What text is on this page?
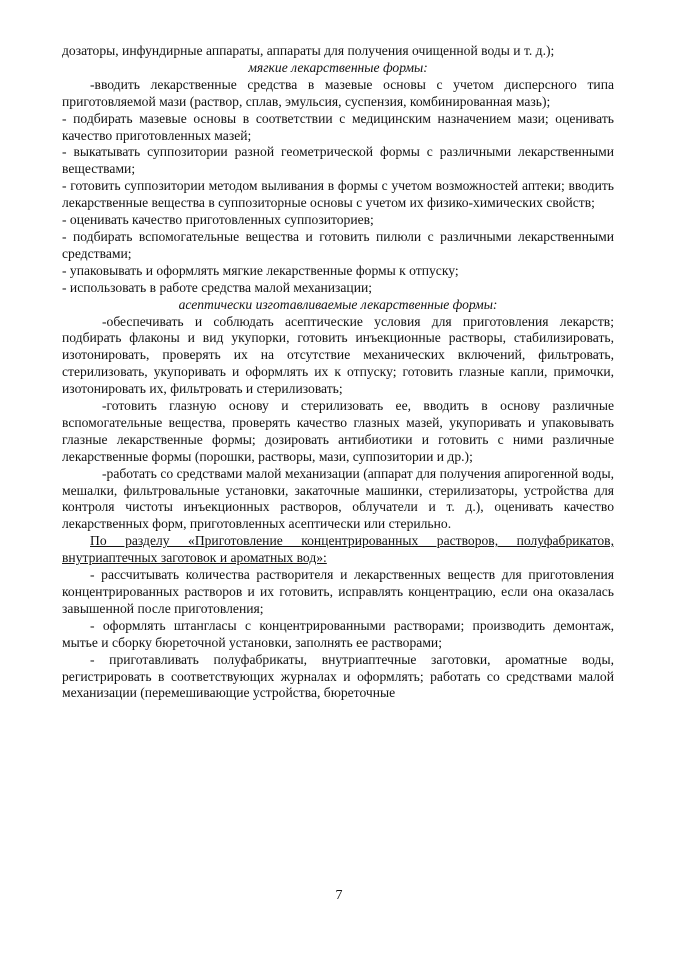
дозаторы, инфундирные аппараты, аппараты для получения очищенной воды и т. д.);

мягкие лекарственные формы:

-вводить лекарственные средства в мазевые основы с учетом дисперсного типа приготовляемой мази (раствор, сплав, эмульсия, суспензия, комбинированная мазь);

- подбирать мазевые основы в соответствии с медицинским назначением мази; оценивать качество приготовленных мазей;

- выкатывать суппозитории разной геометрической формы с различными лекарственными веществами;

- готовить суппозитории методом выливания в формы с учетом возможностей аптеки; вводить лекарственные вещества в суппозиторные основы с учетом их физико-химических свойств;

- оценивать качество приготовленных суппозиториев;

- подбирать вспомогательные вещества и готовить пилюли с различными лекарственными средствами;

- упаковывать и оформлять мягкие лекарственные формы к отпуску;

- использовать в работе средства малой механизации;

асептически изготавливаемые лекарственные формы:

-обеспечивать и соблюдать асептические условия для приготовления лекарств; подбирать флаконы и вид укупорки, готовить инъекционные растворы, стабилизировать, изотонировать, проверять их на отсутствие механических включений, фильтровать, стерилизовать, укупоривать и оформлять их к отпуску; готовить глазные капли, примочки, изотонировать их, фильтровать и стерилизовать;

-готовить глазную основу и стерилизовать ее, вводить в основу различные вспомогательные вещества, проверять качество глазных мазей, укупоривать и упаковывать глазные лекарственные формы; дозировать антибиотики и готовить с ними различные лекарственные формы (порошки, растворы, мази, суппозитории и др.);

-работать со средствами малой механизации (аппарат для получения апирогенной воды, мешалки, фильтровальные установки, закаточные машинки, стерилизаторы, устройства для контроля чистоты инъекционных растворов, облучатели и т. д.), оценивать качество лекарственных форм, приготовленных асептически или стерильно.

По разделу «Приготовление концентрированных растворов, полуфабрикатов, внутриаптечных заготовок и ароматных вод»:

- рассчитывать количества растворителя и лекарственных веществ для приготовления концентрированных растворов и их готовить, исправлять концентрацию, если она оказалась завышенной после приготовления;

- оформлять штангласы с концентрированными растворами; производить демонтаж, мытье и сборку бюреточной установки, заполнять ее растворами;

- приготавливать полуфабрикаты, внутриаптечные заготовки, ароматные воды, регистрировать в соответствующих журналах и оформлять; работать со средствами малой механизации (перемешивающие устройства, бюреточные

7
